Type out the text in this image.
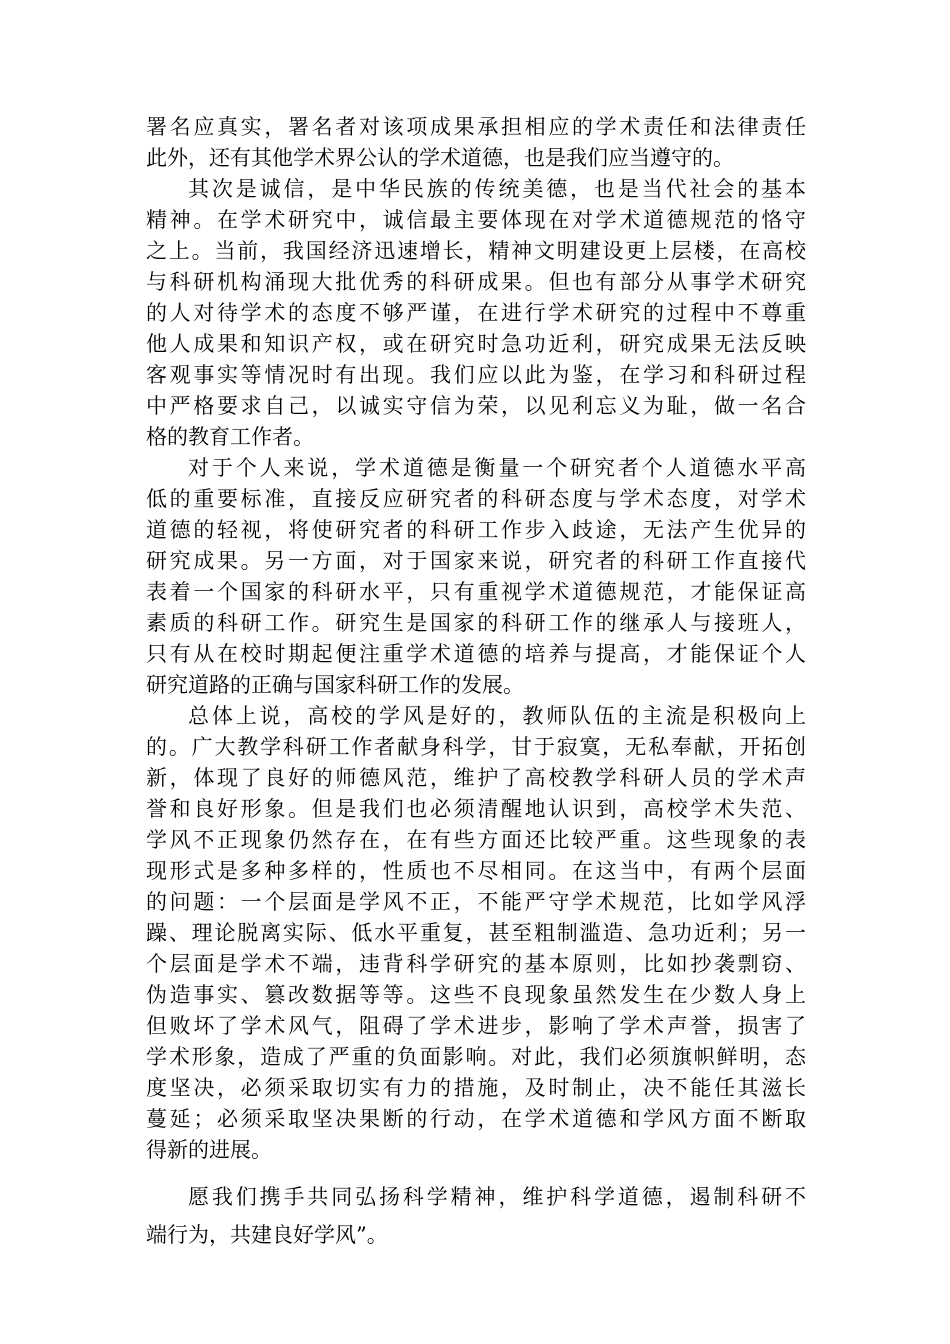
署名应真实，署名者对该项成果承担相应的学术责任和法律责任
此外，还有其他学术界公认的学术道德，也是我们应当遵守的。
其次是诚信，是中华民族的传统美德，也是当代社会的基本
精神。在学术研究中，诚信最主要体现在对学术道德规范的恪守
之上。当前，我国经济迅速增长，精神文明建设更上层楼，在高校
与科研机构涌现大批优秀的科研成果。但也有部分从事学术研究
的人对待学术的态度不够严谨，在进行学术研究的过程中不尊重
他人成果和知识产权，或在研究时急功近利，研究成果无法反映
客观事实等情况时有出现。我们应以此为鉴，在学习和科研过程
中严格要求自己，以诚实守信为荣，以见利忘义为耻，做一名合
格的教育工作者。
对于个人来说，学术道德是衡量一个研究者个人道德水平高
低的重要标准，直接反应研究者的科研态度与学术态度，对学术
道德的轻视，将使研究者的科研工作步入歧途，无法产生优异的
研究成果。另一方面，对于国家来说，研究者的科研工作直接代
表着一个国家的科研水平，只有重视学术道德规范，才能保证高
素质的科研工作。研究生是国家的科研工作的继承人与接班人，
只有从在校时期起便注重学术道德的培养与提高，才能保证个人
研究道路的正确与国家科研工作的发展。
总体上说，高校的学风是好的，教师队伍的主流是积极向上
的。广大教学科研工作者献身科学，甘于寂寞，无私奉献，开拓创
新，体现了良好的师德风范，维护了高校教学科研人员的学术声
誉和良好形象。但是我们也必须清醒地认识到，高校学术失范、
学风不正现象仍然存在，在有些方面还比较严重。这些现象的表
现形式是多种多样的，性质也不尽相同。在这当中，有两个层面
的问题：一个层面是学风不正，不能严守学术规范，比如学风浮
躁、理论脱离实际、低水平重复，甚至粗制滥造、急功近利；另一
个层面是学术不端，违背科学研究的基本原则，比如抄袭剽窃、
伪造事实、篡改数据等等。这些不良现象虽然发生在少数人身上
但败坏了学术风气，阻碍了学术进步，影响了学术声誉，损害了
学术形象，造成了严重的负面影响。对此，我们必须旗帜鲜明，态
度坚决，必须采取切实有力的措施，及时制止，决不能任其滋长
蔓延；必须采取坚决果断的行动，在学术道德和学风方面不断取
得新的进展。
愿我们携手共同弘扬科学精神，维护科学道德，遏制科研不
端行为，共建良好学风”。
